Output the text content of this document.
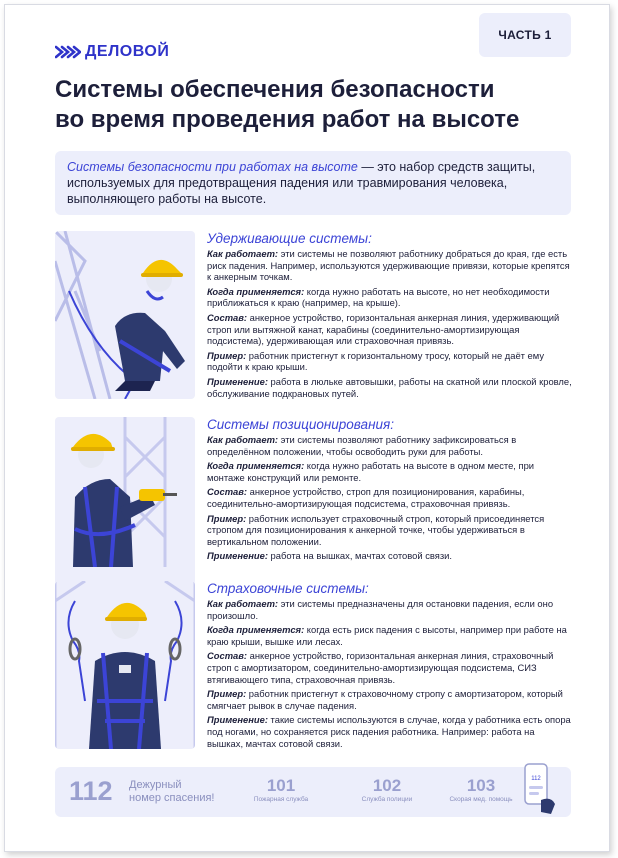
ЧАСТЬ 1
ДЕЛОВОЙ
Системы обеспечения безопасности
во время проведения работ на высоте
Системы безопасности при работах на высоте — это набор средств защиты, используемых для предотвращения падения или травмирования человека, выполняющего работы на высоте.
Удерживающие системы:
Как работает: эти системы не позволяют работнику добраться до края, где есть риск падения. Например, используются удерживающие привязи, которые крепятся к анкерным точкам.
Когда применяется: когда нужно работать на высоте, но нет необходимости приближаться к краю (например, на крыше).
Состав: анкерное устройство, горизонтальная анкерная линия, удерживающий строп или вытяжной канат, карабины (соединительно-амортизирующая подсистема), удерживающая или страховочная привязь.
Пример: работник пристегнут к горизонтальному тросу, который не даёт ему подойти к краю крыши.
Применение: работа в люльке автовышки, работы на скатной или плоской кровле, обслуживание подкрановых путей.
Системы позиционирования:
Как работает: эти системы позволяют работнику зафиксироваться в определённом положении, чтобы освободить руки для работы.
Когда применяется: когда нужно работать на высоте в одном месте, при монтаже конструкций или ремонте.
Состав: анкерное устройство, строп для позиционирования, карабины, соединительно-амортизирующая подсистема, страховочная привязь.
Пример: работник использует страховочный строп, который присоединяется стропом для позиционирования к анкерной точке, чтобы удерживаться в вертикальном положении.
Применение: работа на вышках, мачтах сотовой связи.
Страховочные системы:
Как работает: эти системы предназначены для остановки падения, если оно произошло.
Когда применяется: когда есть риск падения с высоты, например при работе на краю крыши, вышке или лесах.
Состав: анкерное устройство, горизонтальная анкерная линия, страховочный строп с амортизатором, соединительно-амортизирующая подсистема, СИЗ втягивающего типа, страховочная привязь.
Пример: работник пристегнут к страховочному стропу с амортизатором, который смягчает рывок в случае падения.
Применение: такие системы используются в случае, когда у работника есть опора под ногами, но сохраняется риск падения работника. Например: работа на вышках, мачтах сотовой связи.
112 Дежурный
номер спасения!
101
Пожарная служба
102
Служба полиции
103
Скорая мед. помощь
112
